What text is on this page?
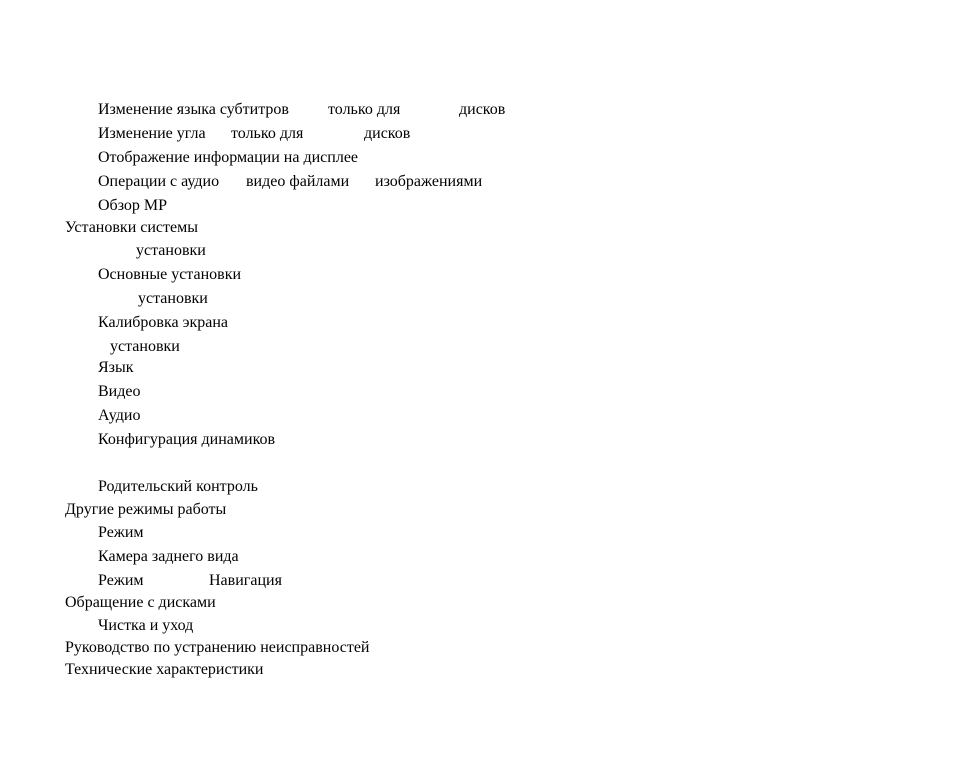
Изменение языка субтитров

только для

	дисков

Изменение угла

только для

	дисков

Отображение информации на дисплее

Операции с аудио

видео файлами

изображениями

Обзор МР

Установки системы

установки

Основные установки

установки

Калибровка экрана

установки

Язык

Видео

Аудио

Конфигурация динамиков

Родительский контроль

Другие режимы работы

Режим

Камера заднего вида

Режим

	Навигация

Обращение с дисками

Чистка и уход

Руководство по устранению неисправностей

Технические характеристики
